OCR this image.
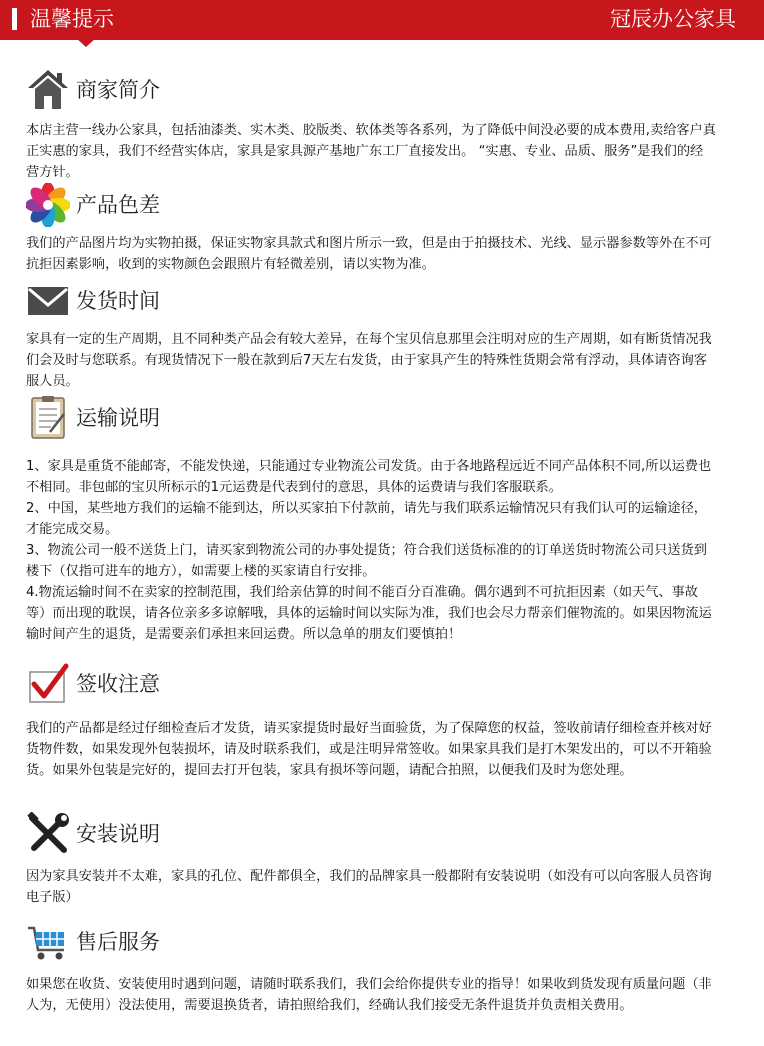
温馨提示	冠辰办公家具
商家简介

本店主营一线办公家具，包括油漆类、实木类、胶版类、软体类等各系列，为了降低中间没必要的成本费用,卖给客户真正实惠的家具，我们不经营实体店，家具是家具源产基地广东工厂直接发出。 “实惠、专业、品质、服务”是我们的经营方针。

产品色差

我们的产品图片均为实物拍摄，保证实物家具款式和图片所示一致，但是由于拍摄技术、光线、显示器参数等外在不可抗拒因素影响，收到的实物颜色会跟照片有轻微差别，请以实物为准。

发货时间

家具有一定的生产周期，且不同种类产品会有较大差异，在每个宝贝信息那里会注明对应的生产周期，如有断货情况我们会及时与您联系。有现货情况下一般在款到后7天左右发货，由于家具产生的特殊性货期会常有浮动，具体请咨询客服人员。

运输说明

1、家具是重货不能邮寄，不能发快递，只能通过专业物流公司发货。由于各地路程远近不同产品体积不同,所以运费也不相同。非包邮的宝贝所标示的1元运费是代表到付的意思，具体的运费请与我们客服联系。

2、中国，某些地方我们的运输不能到达，所以买家拍下付款前，请先与我们联系运输情况只有我们认可的运输途径，才能完成交易。

3、物流公司一般不送货上门，请买家到物流公司的办事处提货；符合我们送货标准的的订单送货时物流公司只送货到楼下（仅指可进车的地方），如需要上楼的买家请自行安排。

4.物流运输时间不在卖家的控制范围，我们给亲估算的时间不能百分百准确。偶尔遇到不可抗拒因素（如天气、事故等）而出现的耽误，请各位亲多多谅解哦，具体的运输时间以实际为准，我们也会尽力帮亲们催物流的。如果因物流运输时间产生的退货，是需要亲们承担来回运费。所以急单的朋友们要慎拍！

签收注意

我们的产品都是经过仔细检查后才发货，请买家提货时最好当面验货，为了保障您的权益，签收前请仔细检查并核对好货物件数，如果发现外包装损坏，请及时联系我们，或是注明异常签收。如果家具我们是打木架发出的，可以不开箱验货。如果外包装是完好的，提回去打开包装，家具有损坏等问题，请配合拍照，以便我们及时为您处理。

安装说明

因为家具安装并不太难，家具的孔位、配件都俱全，我们的品牌家具一般都附有安装说明（如没有可以向客服人员咨询电子版）

售后服务

如果您在收货、安装使用时遇到问题，请随时联系我们，我们会给你提供专业的指导！如果收到货发现有质量问题（非人为，无使用）没法使用，需要退换货者，请拍照给我们，经确认我们接受无条件退货并负责相关费用。
